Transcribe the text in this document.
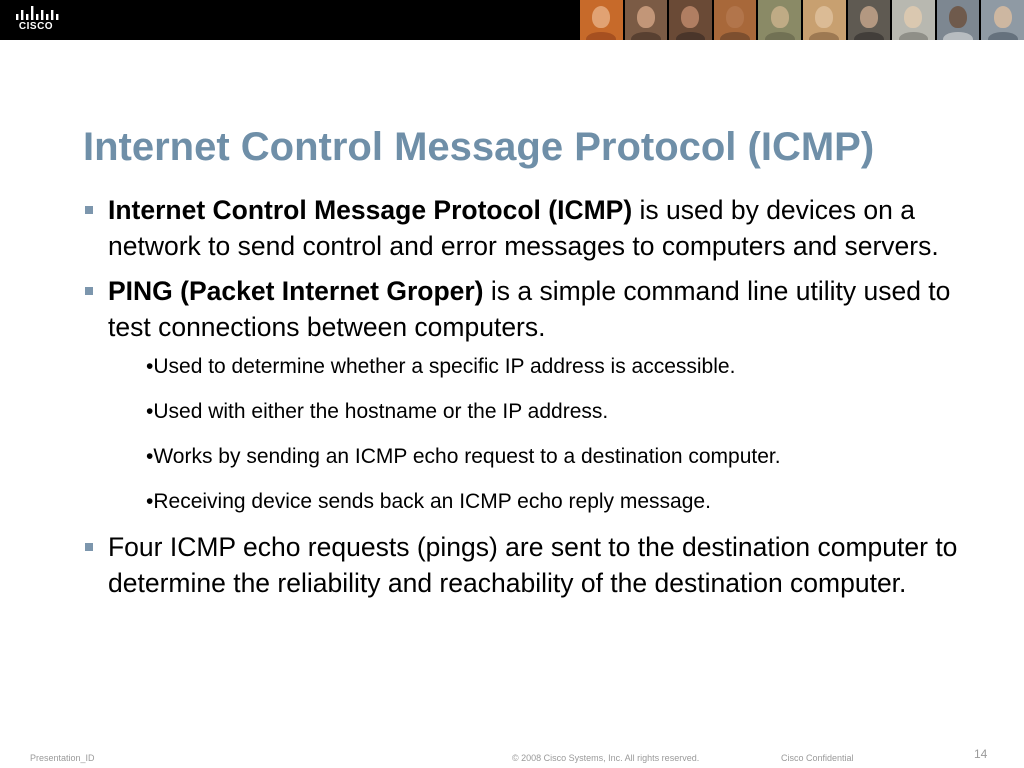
CISCO
Internet Control Message Protocol (ICMP)
Internet Control Message Protocol (ICMP) is used by devices on a network to send control and error messages to computers and servers.
PING (Packet Internet Groper) is a simple command line utility used to test connections between computers.
•Used to determine whether a specific IP address is accessible.
•Used with either the hostname or the IP address.
•Works by sending an ICMP echo request to a destination computer.
•Receiving device sends back an ICMP echo reply message.
Four ICMP echo requests (pings) are sent to the destination computer to determine the reliability and reachability of the destination computer.
Presentation_ID	© 2008 Cisco Systems, Inc. All rights reserved.	Cisco Confidential	14
